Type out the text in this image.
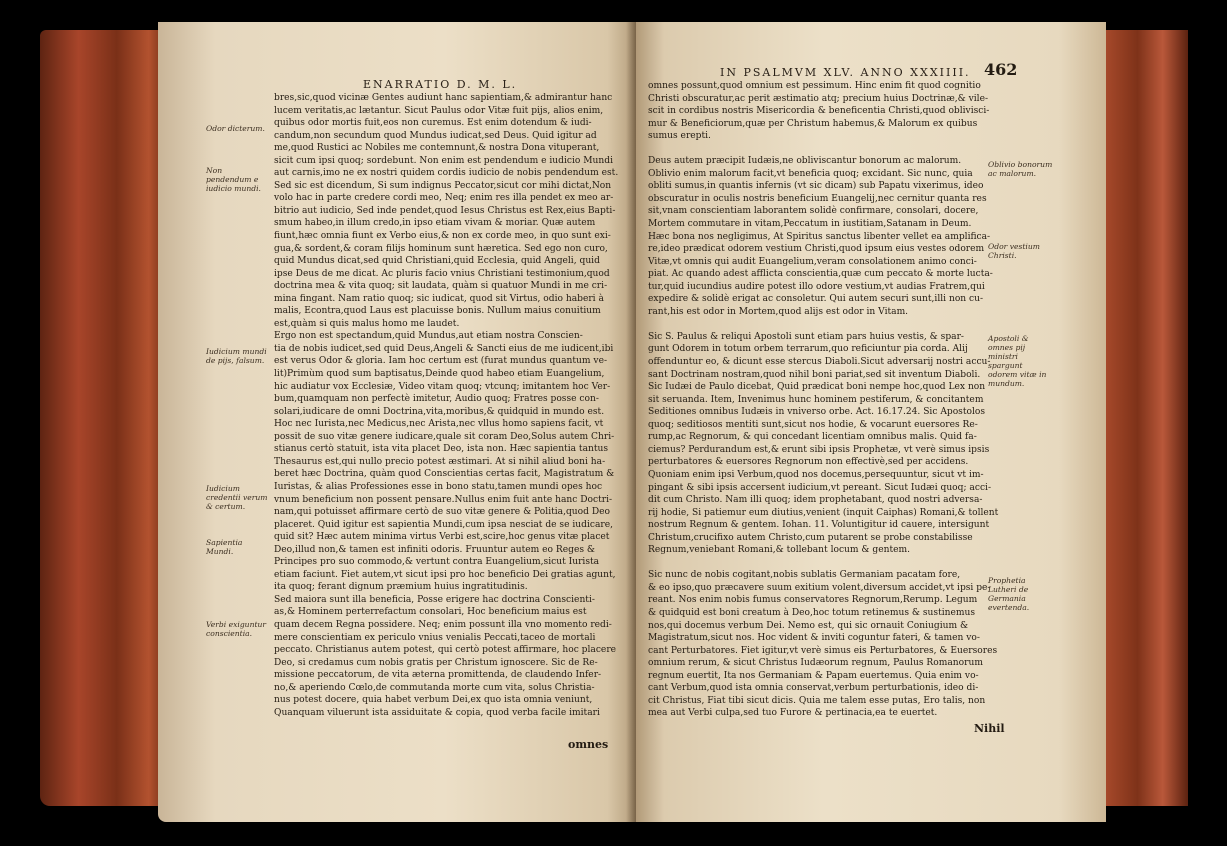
ENARRATIO D. M. L.
Odor dicterum.
Non pendendum e iudicio mundi.
Iudicium mundi de pijs, falsum.
Iudicium credentii verum & certum.
Sapientia Mundi.
Verbi exiguntur conscientia.

bres,sic,quod vicinæ Gentes audiunt hanc sapientiam,& admirantur hanc

lucem veritatis,ac lætantur. Sicut Paulus odor Vitæ fuit pijs, alios enim,

quibus odor mortis fuit,eos non curemus. Est enim dotendum & iudi-

candum,non secundum quod Mundus iudicat,sed Deus. Quid igitur ad

me,quod Rustici ac Nobiles me contemnunt,& nostra Dona vituperant,

sicit cum ipsi quoq; sordebunt. Non enim est pendendum e iudicio Mundi

aut carnis,imo ne ex nostri quidem cordis iudicio de nobis pendendum est.

Sed sic est dicendum, Si sum indignus Peccator,sicut cor mihi dictat,Non

volo hac in parte credere cordi meo, Neq; enim res illa pendet ex meo ar-

bitrio aut iudicio, Sed inde pendet,quod Iesus Christus est Rex,eius Bapti-

smum habeo,in illum credo,in ipso etiam vivam & moriar. Quæ autem

fiunt,hæc omnia fiunt ex Verbo eius,& non ex corde meo, in quo sunt exi-

gua,& sordent,& coram filijs hominum sunt hæretica. Sed ego non curo,

quid Mundus dicat,sed quid Christiani,quid Ecclesia, quid Angeli, quid

ipse Deus de me dicat. Ac pluris facio vnius Christiani testimonium,quod

doctrina mea & vita quoq; sit laudata, quàm si quatuor Mundi in me cri-

mina fingant. Nam ratio quoq; sic iudicat, quod sit Virtus, odio haberi à

malis, Econtra,quod Laus est placuisse bonis. Nullum maius conuitium

est,quàm si quis malus homo me laudet.

Ergo non est spectandum,quid Mundus,aut etiam nostra Conscien-

tia de nobis iudicet,sed quid Deus,Angeli & Sancti eius de me iudicent,ibi

est verus Odor & gloria. Iam hoc certum est (furat mundus quantum ve-

lit)Primùm quod sum baptisatus,Deinde quod habeo etiam Euangelium,

hic audiatur vox Ecclesiæ, Video vitam quoq; vtcunq; imitantem hoc Ver-

bum,quamquam non perfectè imitetur, Audio quoq; Fratres posse con-

solari,iudicare de omni Doctrina,vita,moribus,& quidquid in mundo est.

Hoc nec Iurista,nec Medicus,nec Arista,nec vllus homo sapiens facit, vt

possit de suo vitæ genere iudicare,quale sit coram Deo,Solus autem Chri-

stianus certò statuit, ista vita placet Deo, ista non. Hæc sapientia tantus

Thesaurus est,qui nullo precio potest æstimari. At si nihil aliud boni ha-

beret hæc Doctrina, quàm quod Conscientias certas facit, Magistratum &

Iuristas, & alias Professiones esse in bono statu,tamen mundi opes hoc

vnum beneficium non possent pensare.Nullus enim fuit ante hanc Doctri-

nam,qui potuisset affirmare certò de suo vitæ genere & Politia,quod Deo

placeret. Quid igitur est sapientia Mundi,cum ipsa nesciat de se iudicare,

quid sit? Hæc autem minima virtus Verbi est,scire,hoc genus vitæ placet

Deo,illud non,& tamen est infiniti odoris. Fruuntur autem eo Reges &

Principes pro suo commodo,& vertunt contra Euangelium,sicut Iurista

etiam faciunt. Fiet autem,vt sicut ipsi pro hoc beneficio Dei gratias agunt,

ita quoq; ferant dignum præmium huius ingratitudinis.

Sed maiora sunt illa beneficia, Posse erigere hac doctrina Conscienti-

as,& Hominem perterrefactum consolari, Hoc beneficium maius est

quam decem Regna possidere. Neq; enim possunt illa vno momento redi-

mere conscientiam ex periculo vnius venialis Peccati,taceo de mortali

peccato. Christianus autem potest, qui certò potest affirmare, hoc placere

Deo, si credamus cum nobis gratis per Christum ignoscere. Sic de Re-

missione peccatorum, de vita æterna promittenda, de claudendo Infer-

no,& aperiendo Cœlo,de commutanda morte cum vita, solus Christia-

nus potest docere, quia habet verbum Dei,ex quo ista omnia veniunt,

Quanquam viluerunt ista assiduitate & copia, quod verba facile imitari

omnes
IN PSALMVM XLV. ANNO XXXIIII. 462

omnes possunt,quod omnium est pessimum. Hinc enim fit quod cognitio

Christi obscuratur,ac perit æstimatio atq; precium huius Doctrinæ,& vile-

scit in cordibus nostris Misericordia & beneficentia Christi,quod oblivisci-

mur & Beneficiorum,quæ per Christum habemus,& Malorum ex quibus

sumus erepti.

Deus autem præcipit Iudæis,ne obliviscantur bonorum ac malorum.

Oblivio enim malorum facit,vt beneficia quoq; excidant. Sic nunc, quia

obliti sumus,in quantis infernis (vt sic dicam) sub Papatu vixerimus, ideo

obscuratur in oculis nostris beneficium Euangelij,nec cernitur quanta res

sit,vnam conscientiam laborantem solidè confirmare, consolari, docere,

Mortem commutare in vitam,Peccatum in iustitiam,Satanam in Deum.

Hæc bona nos negligimus, At Spiritus sanctus libenter vellet ea amplifica-

re,ideo prædicat odorem vestium Christi,quod ipsum eius vestes odorem

Vitæ,vt omnis qui audit Euangelium,veram consolationem animo conci-

piat. Ac quando adest afflicta conscientia,quæ cum peccato & morte lucta-

tur,quid iucundius audire potest illo odore vestium,vt audias Fratrem,qui

expedire & solidè erigat ac consoletur. Qui autem securi sunt,illi non cu-

rant,his est odor in Mortem,quod alijs est odor in Vitam.

Sic S. Paulus & reliqui Apostoli sunt etiam pars huius vestis, & spar-

gunt Odorem in totum orbem terrarum,quo reficiuntur pia corda. Alij

offenduntur eo, & dicunt esse stercus Diaboli.Sicut adversarij nostri accu-

sant Doctrinam nostram,quod nihil boni pariat,sed sit inventum Diaboli.

Sic Iudæi de Paulo dicebat, Quid prædicat boni nempe hoc,quod Lex non

sit seruanda. Item, Invenimus hunc hominem pestiferum, & concitantem

Seditiones omnibus Iudæis in vniverso orbe. Act. 16.17.24. Sic Apostolos

quoq; seditiosos mentiti sunt,sicut nos hodie, & vocarunt euersores Re-

rump,ac Regnorum, & qui concedant licentiam omnibus malis. Quid fa-

ciemus? Perdurandum est,& erunt sibi ipsis Prophetæ, vt verè simus ipsis

perturbatores & euersores Regnorum non effectivè,sed per accidens.

Quoniam enim ipsi Verbum,quod nos docemus,persequuntur, sicut vt im-

pingant & sibi ipsis accersent iudicium,vt pereant. Sicut Iudæi quoq; acci-

dit cum Christo. Nam illi quoq; idem prophetabant, quod nostri adversa-

rij hodie, Si patiemur eum diutius,venient (inquit Caiphas) Romani,& tollent

nostrum Regnum & gentem. Iohan. 11. Voluntigitur id cauere, intersigunt

Christum,crucifixo autem Christo,cum putarent se probe constabilisse

Regnum,veniebant Romani,& tollebant locum & gentem.

Sic nunc de nobis cogitant,nobis sublatis Germaniam pacatam fore,

& eo ipso,quo præcavere suum exitium volent,diversum accidet,vt ipsi pe-

reant. Nos enim nobis fumus conservatores Regnorum,Rerump. Legum

& quidquid est boni creatum à Deo,hoc totum retinemus & sustinemus

nos,qui docemus verbum Dei. Nemo est, qui sic ornauit Coniugium &

Magistratum,sicut nos. Hoc vident & inviti coguntur fateri, & tamen vo-

cant Perturbatores. Fiet igitur,vt verè simus eis Perturbatores, & Euersores

omnium rerum, & sicut Christus Iudæorum regnum, Paulus Romanorum

regnum euertit, Ita nos Germaniam & Papam euertemus. Quia enim vo-

cant Verbum,quod ista omnia conservat,verbum perturbationis, ideo di-

cit Christus, Fiat tibi sicut dicis. Quia me talem esse putas, Ero talis, non

mea aut Verbi culpa,sed tuo Furore & pertinacia,ea te euertet.

Oblivio bonorum ac malorum.
Odor vestium Christi.
Apostoli & omnes pij ministri spargunt odorem vitæ in mundum.
Prophetia Lutheri de Germania evertenda.
Nihil
